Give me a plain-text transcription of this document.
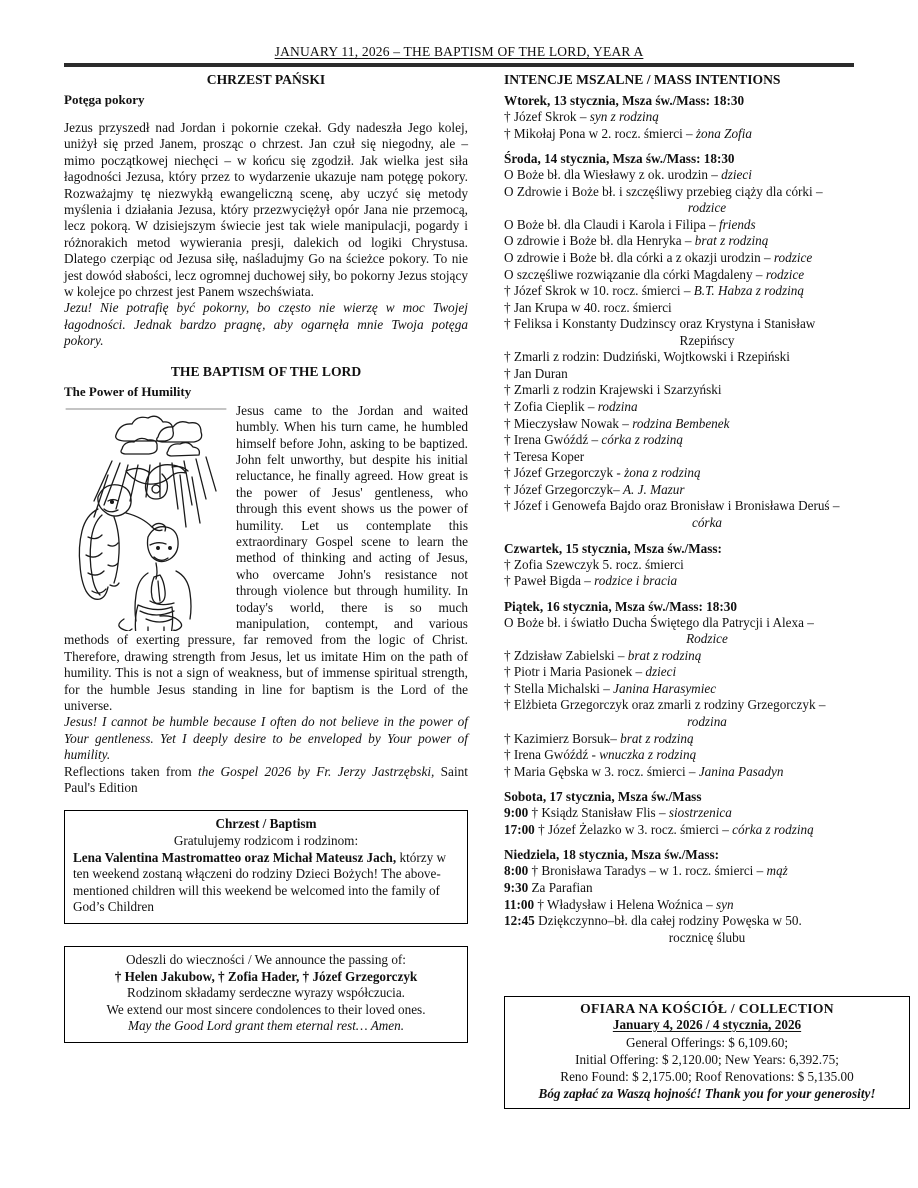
JANUARY 11, 2026 – THE BAPTISM OF THE LORD, YEAR A
CHRZEST PAŃSKI
Potęga pokory
Jezus przyszedł nad Jordan i pokornie czekał. Gdy nadeszła Jego kolej, uniżył się przed Janem, prosząc o chrzest. Jan czuł się niegodny, ale – mimo początkowej niechęci – w końcu się zgodził. Jak wielka jest siła łagodności Jezusa, który przez to wydarzenie ukazuje nam potęgę pokory. Rozważajmy tę niezwykłą ewangeliczną scenę, aby uczyć się metody myślenia i działania Jezusa, który przezwyciężył opór Jana nie przemocą, lecz pokorą. W dzisiejszym świecie jest tak wiele manipulacji, pogardy i różnorakich metod wywierania presji, dalekich od logiki Chrystusa. Dlatego czerpiąc od Jezusa siłę, naśladujmy Go na ścieżce pokory. To nie jest dowód słabości, lecz ogromnej duchowej siły, bo pokorny Jezus stojący w kolejce po chrzest jest Panem wszechświata.
Jezu! Nie potrafię być pokorny, bo często nie wierzę w moc Twojej łagodności. Jednak bardzo pragnę, aby ogarnęła mnie Twoja potęga pokory.
THE BAPTISM OF THE LORD
The Power of Humility
Jesus came to the Jordan and waited humbly. When his turn came, he humbled himself before John, asking to be baptized. John felt unworthy, but despite his initial reluctance, he finally agreed. How great is the power of Jesus' gentleness, who through this event shows us the power of humility. Let us contemplate this extraordinary Gospel scene to learn the method of thinking and acting of Jesus, who overcame John's resistance not through violence but through humility. In today's world, there is so much manipulation, contempt, and various methods of exerting pressure, far removed from the logic of Christ. Therefore, drawing strength from Jesus, let us imitate Him on the path of humility. This is not a sign of weakness, but of immense spiritual strength, for the humble Jesus standing in line for baptism is the Lord of the universe.
Jesus! I cannot be humble because I often do not believe in the power of Your gentleness. Yet I deeply desire to be enveloped by Your power of humility.
Reflections taken from the Gospel 2026 by Fr. Jerzy Jastrzębski, Saint Paul's Edition
Chrzest / Baptism
Gratulujemy rodzicom i rodzinom:
Lena Valentina Mastromatteo oraz Michał Mateusz Jach, którzy w ten weekend zostaną włączeni do rodziny Dzieci Bożych! The above-mentioned children will this weekend be welcomed into the family of God’s Children
Odeszli do wieczności / We announce the passing of:
† Helen Jakubow, † Zofia Hader, † Józef Grzegorczyk
Rodzinom składamy serdeczne wyrazy współczucia.
We extend our most sincere condolences to their loved ones.
May the Good Lord grant them eternal rest… Amen.
INTENCJE MSZALNE / MASS INTENTIONS
Wtorek, 13 stycznia, Msza św./Mass: 18:30
† Józef Skrok – syn z rodziną
† Mikołaj Pona w 2. rocz. śmierci – żona Zofia
Środa, 14 stycznia, Msza św./Mass: 18:30
O Boże bł. dla Wiesławy z ok. urodzin – dzieci
O Zdrowie i Boże bł. i szczęśliwy przebieg ciąży dla córki –
rodzice
O Boże bł. dla Claudi i Karola i Filipa – friends
O zdrowie i Boże bł. dla Henryka – brat z rodziną
O zdrowie i Boże bł. dla córki a z okazji urodzin – rodzice
O szczęśliwe rozwiązanie dla córki Magdaleny – rodzice
† Józef Skrok w 10. rocz. śmierci – B.T. Habza z rodziną
† Jan Krupa w 40. rocz. śmierci
† Feliksa i Konstanty Dudzinscy oraz Krystyna i Stanisław
Rzepińscy
† Zmarli z rodzin: Dudziński, Wojtkowski i Rzepiński
† Jan Duran
† Zmarli z rodzin Krajewski i Szarzyński
† Zofia Cieplik – rodzina
† Mieczysław Nowak – rodzina Bembenek
† Irena Gwóźdź – córka z rodziną
† Teresa Koper
† Józef Grzegorczyk - żona z rodziną
† Józef Grzegorczyk– A. J. Mazur
† Józef i Genowefa Bajdo oraz Bronisław i Bronisława Deruś –
córka
Czwartek, 15 stycznia, Msza św./Mass:
† Zofia Szewczyk 5. rocz. śmierci
† Paweł Bigda – rodzice i bracia
Piątek, 16 stycznia, Msza św./Mass: 18:30
O Boże bł. i światło Ducha Świętego dla Patrycji i Alexa –
Rodzice
† Zdzisław Zabielski – brat z rodziną
† Piotr i Maria Pasionek – dzieci
† Stella Michalski – Janina Harasymiec
† Elżbieta Grzegorczyk oraz zmarli z rodziny Grzegorczyk –
rodzina
† Kazimierz Borsuk– brat z rodziną
† Irena Gwóźdź - wnuczka z rodziną
† Maria Gębska w 3. rocz. śmierci – Janina Pasadyn
Sobota, 17 stycznia, Msza św./Mass
9:00 † Ksiądz Stanisław Flis – siostrzenica
17:00 † Józef Żelazko w 3. rocz. śmierci – córka z rodziną
Niedziela, 18 stycznia, Msza św./Mass:
8:00 † Bronisława Taradys – w 1. rocz. śmierci – mąż
9:30 Za Parafian
11:00 † Władysław i Helena Woźnica – syn
12:45 Dziękczynno–bł. dla całej rodziny Powęska w 50.
rocznicę ślubu
OFIARA NA KOŚCIÓŁ / COLLECTION
January 4, 2026 / 4 stycznia, 2026
General Offerings: $ 6,109.60;
Initial Offering: $ 2,120.00; New Years: 6,392.75;
Reno Found: $ 2,175.00; Roof Renovations: $ 5,135.00
Bóg zapłać za Waszą hojność! Thank you for your generosity!
